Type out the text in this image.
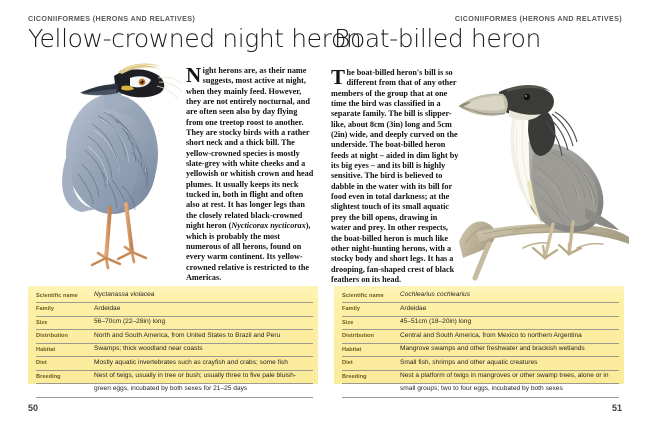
CICONIIFORMES (HERONS AND RELATIVES)
Yellow-crowned night heron
Night herons are, as their name suggests, most active at night, when they mainly feed. However, they are not entirely nocturnal, and are often seen also by day flying from one treetop roost to another. They are stocky birds with a rather short neck and a thick bill. The yellow-crowned species is mostly slate-grey with white cheeks and a yellowish or whitish crown and head plumes. It usually keeps its neck tucked in, both in flight and often also at rest. It has longer legs than the closely related black-crowned night heron (Nycticorax nycticorax), which is probably the most numerous of all herons, found on every warm continent. Its yellow-crowned relative is restricted to the Americas.
Scientific name	Nyctanassa violacea
Family	Ardeidae
Size	56–70cm (22–28in) long
Distribution	North and South America, from United States to Brazil and Peru
Habitat	Swamps; thick woodland near coasts
Diet	Mostly aquatic invertebrates such as crayfish and crabs; some fish
Breeding	Nest of twigs, usually in tree or bush; usually three to five pale bluish-
green eggs, incubated by both sexes for 21–25 days
50
CICONIIFORMES (HERONS AND RELATIVES)
Boat-billed heron
The boat-billed heron's bill is so different from that of any other members of the group that at one time the bird was classified in a separate family. The bill is slipper-like, about 8cm (3in) long and 5cm (2in) wide, and deeply curved on the underside. The boat-billed heron feeds at night – aided in dim light by its big eyes – and its bill is highly sensitive. The bird is believed to dabble in the water with its bill for food even in total darkness; at the slightest touch of its small aquatic prey the bill opens, drawing in water and prey. In other respects, the boat-billed heron is much like other night-hunting herons, with a stocky body and short legs. It has a drooping, fan-shaped crest of black feathers on its head.
Scientific name	Cochlearius cochlearius
Family	Ardeidae
Size	45–51cm (18–20in) long
Distribution	Central and South America, from Mexico to northern Argentina
Habitat	Mangrove swamps and other freshwater and brackish wetlands
Diet	Small fish, shrimps and other aquatic creatures
Breeding	Nest a platform of twigs in mangroves or other swamp trees, alone or in
small groups; two to four eggs, incubated by both sexes
51
